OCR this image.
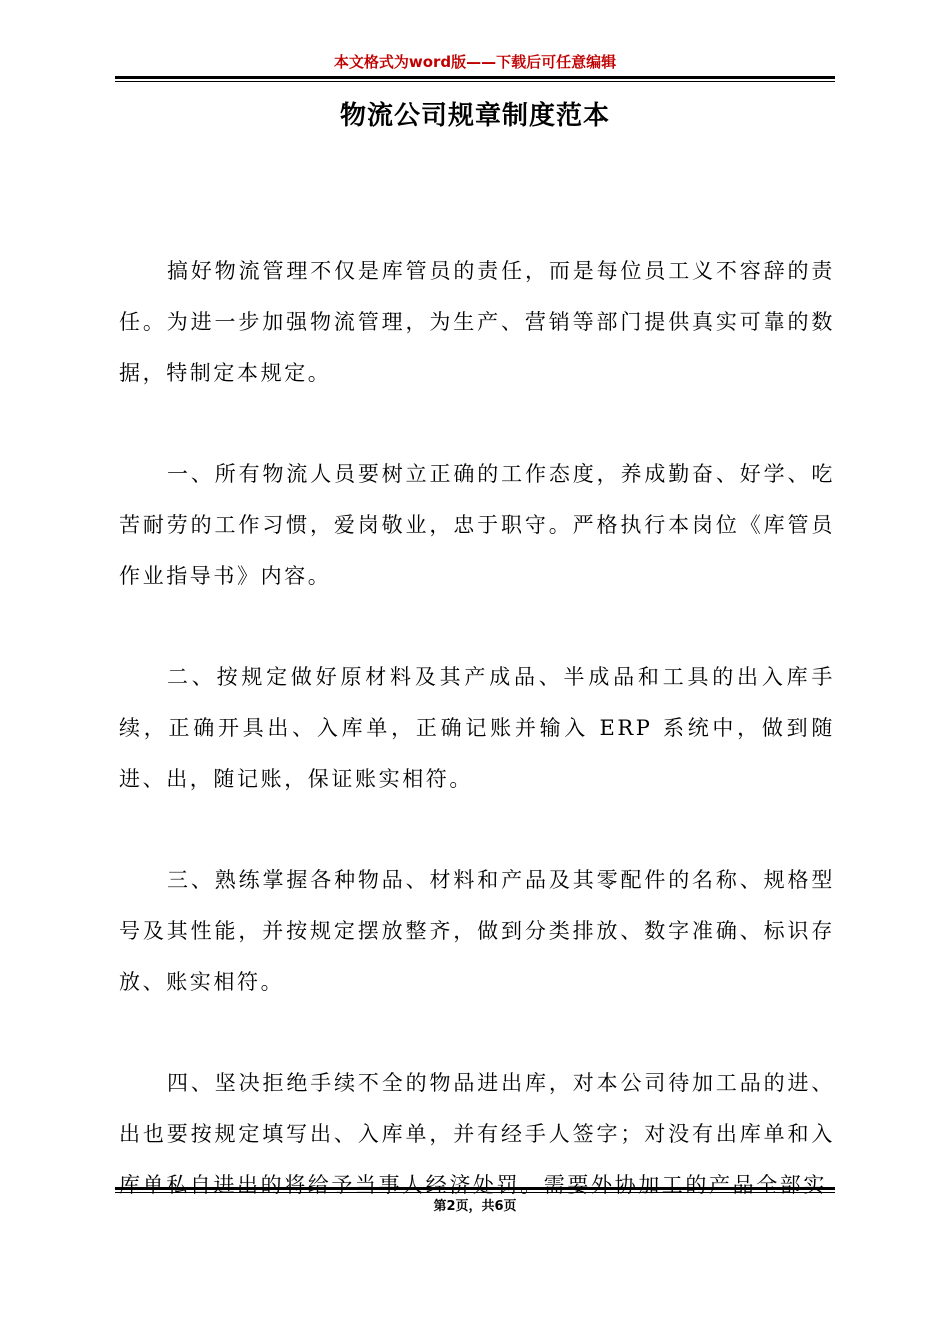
本文格式为word版——下载后可任意编辑
物流公司规章制度范本

搞好物流管理不仅是库管员的责任，而是每位员工义不容辞的责任。为进一步加强物流管理，为生产、营销等部门提供真实可靠的数据，特制定本规定。

一、所有物流人员要树立正确的工作态度，养成勤奋、好学、吃苦耐劳的工作习惯，爱岗敬业，忠于职守。严格执行本岗位《库管员作业指导书》内容。

二、按规定做好原材料及其产成品、半成品和工具的出入库手续，正确开具出、入库单，正确记账并输入 ERP 系统中，做到随进、出，随记账，保证账实相符。

三、熟练掌握各种物品、材料和产品及其零配件的名称、规格型号及其性能，并按规定摆放整齐，做到分类排放、数字准确、标识存放、账实相符。

四、坚决拒绝手续不全的物品进出库，对本公司待加工品的进、出也要按规定填写出、入库单，并有经手人签字；对没有出库单和入库单私自进出的将给予当事人经济处罚。需要外协加工的产品全部实

第2页，共6页
